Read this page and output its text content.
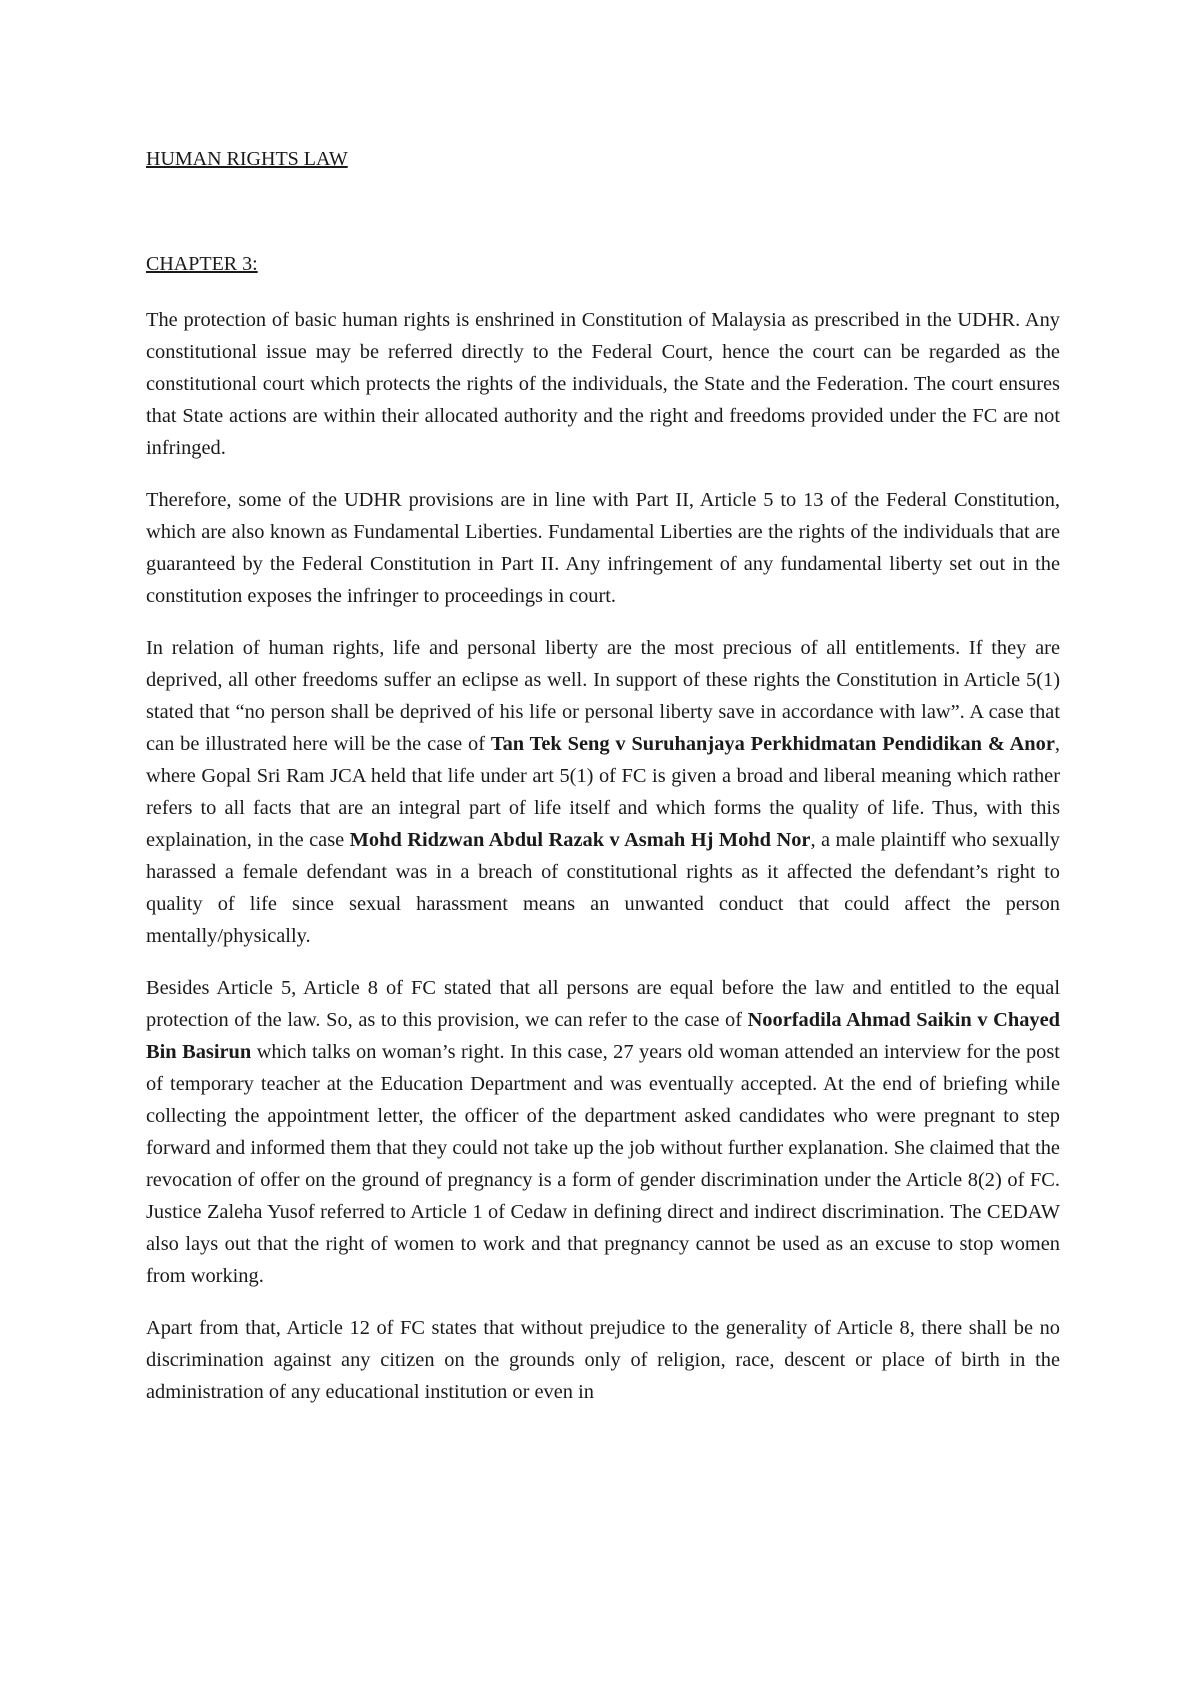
HUMAN RIGHTS LAW
CHAPTER 3:

The protection of basic human rights is enshrined in Constitution of Malaysia as prescribed in the UDHR. Any constitutional issue may be referred directly to the Federal Court, hence the court can be regarded as the constitutional court which protects the rights of the individuals, the State and the Federation. The court ensures that State actions are within their allocated authority and the right and freedoms provided under the FC are not infringed.

Therefore, some of the UDHR provisions are in line with Part II, Article 5 to 13 of the Federal Constitution, which are also known as Fundamental Liberties. Fundamental Liberties are the rights of the individuals that are guaranteed by the Federal Constitution in Part II. Any infringement of any fundamental liberty set out in the constitution exposes the infringer to proceedings in court.

In relation of human rights, life and personal liberty are the most precious of all entitlements. If they are deprived, all other freedoms suffer an eclipse as well. In support of these rights the Constitution in Article 5(1) stated that “no person shall be deprived of his life or personal liberty save in accordance with law”. A case that can be illustrated here will be the case of Tan Tek Seng v Suruhanjaya Perkhidmatan Pendidikan & Anor, where Gopal Sri Ram JCA held that life under art 5(1) of FC is given a broad and liberal meaning which rather refers to all facts that are an integral part of life itself and which forms the quality of life. Thus, with this explaination, in the case Mohd Ridzwan Abdul Razak v Asmah Hj Mohd Nor, a male plaintiff who sexually harassed a female defendant was in a breach of constitutional rights as it affected the defendant’s right to quality of life since sexual harassment means an unwanted conduct that could affect the person mentally/physically.

Besides Article 5, Article 8 of FC stated that all persons are equal before the law and entitled to the equal protection of the law. So, as to this provision, we can refer to the case of Noorfadila Ahmad Saikin v Chayed Bin Basirun which talks on woman’s right. In this case, 27 years old woman attended an interview for the post of temporary teacher at the Education Department and was eventually accepted. At the end of briefing while collecting the appointment letter, the officer of the department asked candidates who were pregnant to step forward and informed them that they could not take up the job without further explanation. She claimed that the revocation of offer on the ground of pregnancy is a form of gender discrimination under the Article 8(2) of FC. Justice Zaleha Yusof referred to Article 1 of Cedaw in defining direct and indirect discrimination. The CEDAW also lays out that the right of women to work and that pregnancy cannot be used as an excuse to stop women from working.

Apart from that, Article 12 of FC states that without prejudice to the generality of Article 8, there shall be no discrimination against any citizen on the grounds only of religion, race, descent or place of birth in the administration of any educational institution or even in
